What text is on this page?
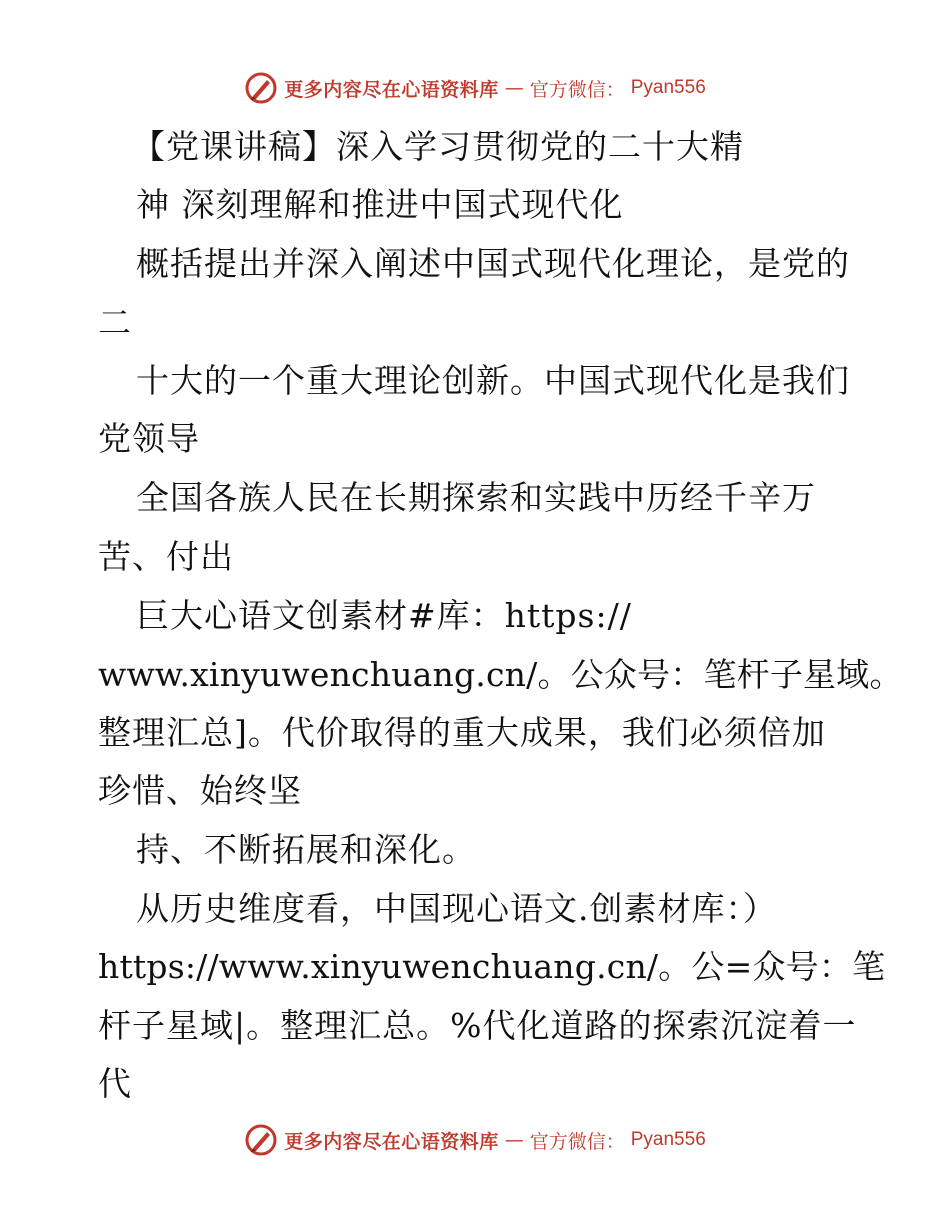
更多内容尽在心语资料库 — 官方微信： Pyan556
【党课讲稿】深入学习贯彻党的二十大精
神 深刻理解和推进中国式现代化
概括提出并深入阐述中国式现代化理论，是党的
二
十大的一个重大理论创新。中国式现代化是我们
党领导
全国各族人民在长期探索和实践中历经千辛万
苦、付出
巨大心语文创素材#库：https://
www.xinyuwenchuang.cn/。公众号：笔杆子星域。
整理汇总]。代价取得的重大成果，我们必须倍加
珍惜、始终坚
持、不断拓展和深化。
从历史维度看，中国现心语文.创素材库：）
https://www.xinyuwenchuang.cn/。公=众号：笔
杆子星域|。整理汇总。%代化道路的探索沉淀着一
代
更多内容尽在心语资料库 — 官方微信： Pyan556
